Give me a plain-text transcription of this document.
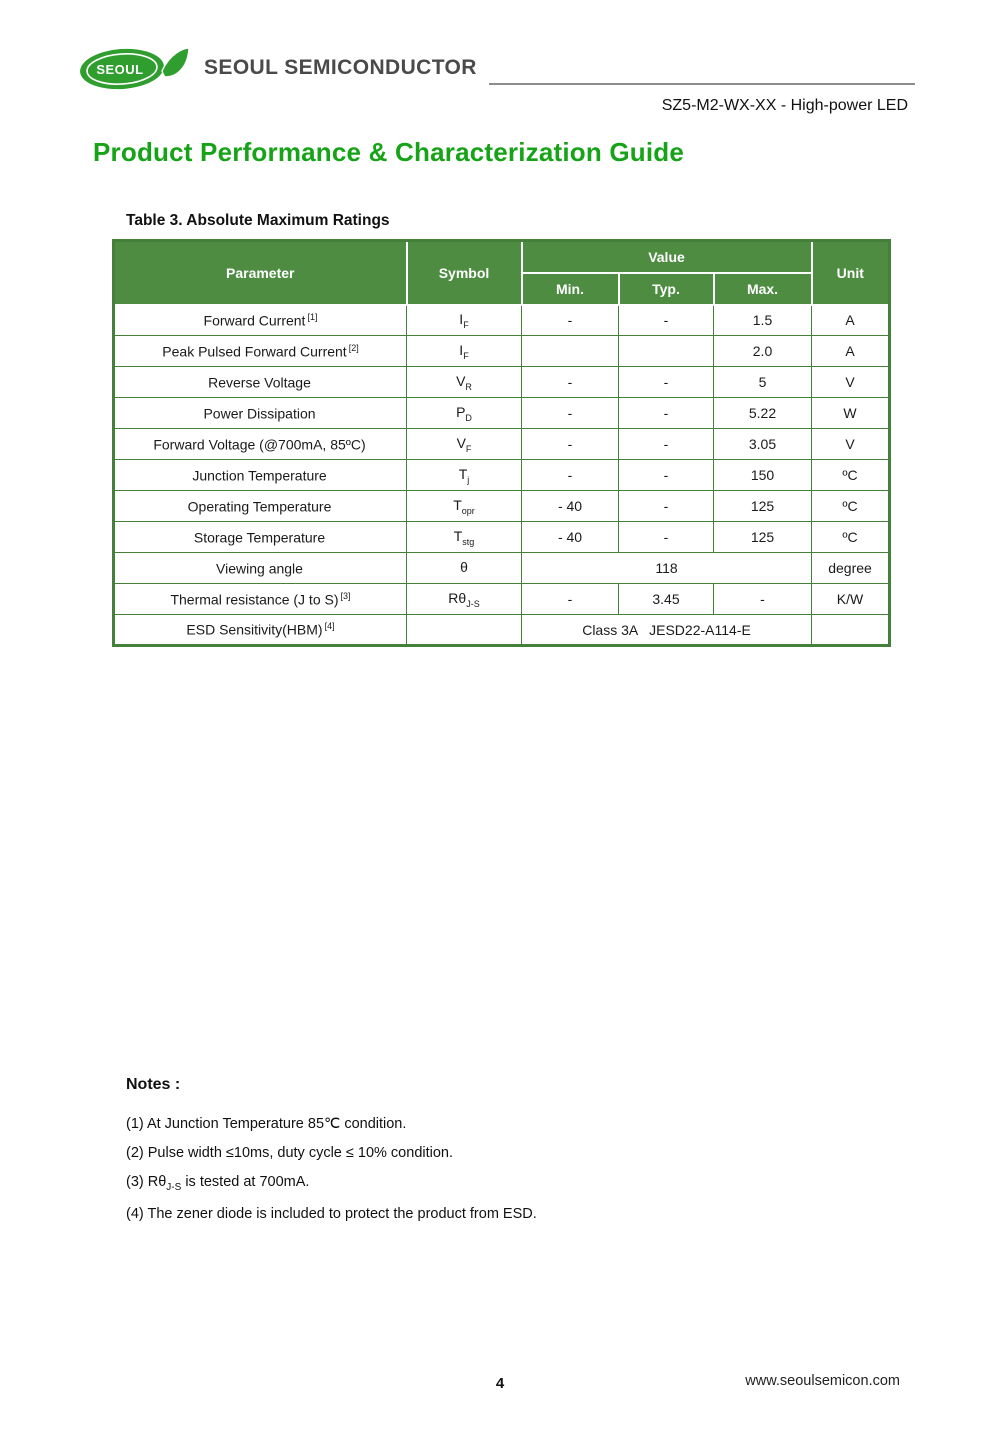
SEOUL	SEOUL SEMICONDUCTOR
SZ5-M2-WX-XX - High-power LED
Product Performance & Characterization Guide
Table 3. Absolute Maximum Ratings
Parameter	Symbol	Value			Unit
		Min.	Typ.	Max.	
Forward Current [1]	$I_F$	-	-	1.5	A
Peak Pulsed Forward Current [2]	$I_F$			2.0	A
Reverse Voltage	$V_R$	-	-	5	V
Power Dissipation	$P_D$	-	-	5.22	W
Forward Voltage (@700mA, 85ºC)	$V_F$	-	-	3.05	V
Junction Temperature	$T_j$	-	-	150	ºC
Operating Temperature	$T_{opr}$	- 40	-	125	ºC
Storage Temperature	$T_{stg}$	- 40	-	125	ºC
Viewing angle	θ	118			degree
Thermal resistance (J to S) [3]	$R\theta_{J-S}$	-	3.45	-	K/W
ESD Sensitivity(HBM) [4]		Class 3A   JESD22-A114-E			
Notes :

(1) At Junction Temperature 85℃ condition.

(2) Pulse width ≤10ms, duty cycle ≤ 10% condition.

(3) $R\theta_{J-S}$ is tested at 700mA.

(4) The zener diode is included to protect the product from ESD.

4	www.seoulsemicon.com
